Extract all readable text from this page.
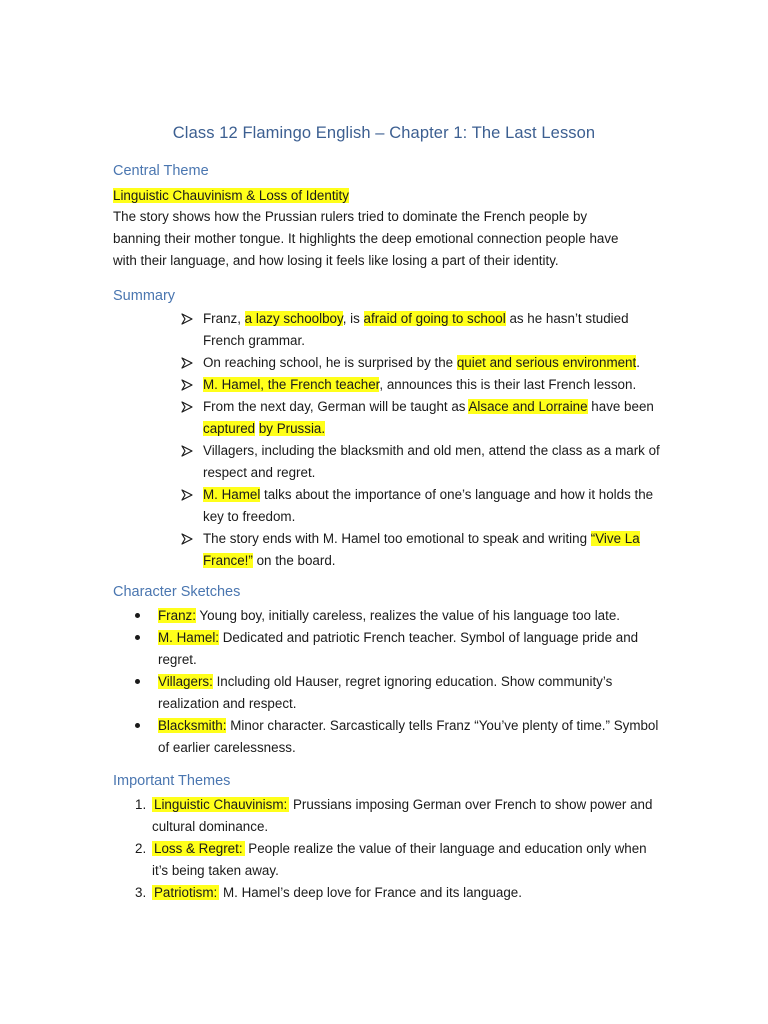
Class 12 Flamingo English – Chapter 1: The Last Lesson
Central Theme
Linguistic Chauvinism & Loss of Identity
The story shows how the Prussian rulers tried to dominate the French people by
banning their mother tongue. It highlights the deep emotional connection people have
with their language, and how losing it feels like losing a part of their identity.
Summary
Franz, a lazy schoolboy, is afraid of going to school as he hasn’t studied French grammar.
On reaching school, he is surprised by the quiet and serious environment.
M. Hamel, the French teacher, announces this is their last French lesson.
From the next day, German will be taught as Alsace and Lorraine have been captured by Prussia.
Villagers, including the blacksmith and old men, attend the class as a mark of respect and regret.
M. Hamel talks about the importance of one’s language and how it holds the key to freedom.
The story ends with M. Hamel too emotional to speak and writing “Vive La France!” on the board.
Character Sketches
Franz: Young boy, initially careless, realizes the value of his language too late.
M. Hamel: Dedicated and patriotic French teacher. Symbol of language pride and regret.
Villagers: Including old Hauser, regret ignoring education. Show community’s realization and respect.
Blacksmith: Minor character. Sarcastically tells Franz “You’ve plenty of time.” Symbol of earlier carelessness.
Important Themes
1. Linguistic Chauvinism: Prussians imposing German over French to show power and cultural dominance.
2. Loss & Regret: People realize the value of their language and education only when it’s being taken away.
3. Patriotism: M. Hamel’s deep love for France and its language.
